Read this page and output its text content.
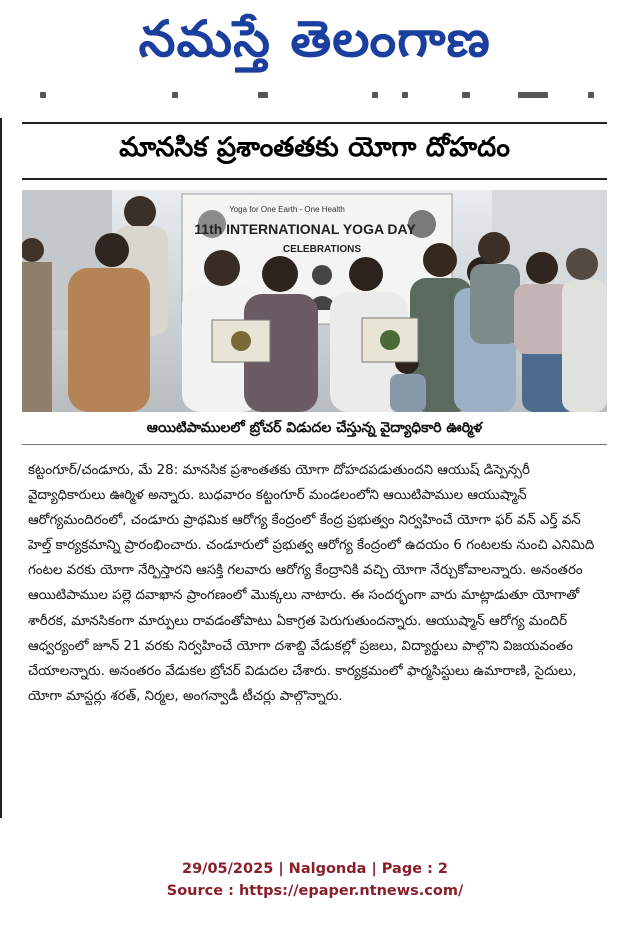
నమస్తే తెలంగాణ
మానసిక ప్రశాంతతకు యోగా దోహదం
Yoga for One Earth - One Health
11th INTERNATIONAL YOGA DAY
CELEBRATIONS
ఆయిటిపాములలో బ్రోచర్ విడుదల చేస్తున్న వైద్యాధికారి ఊర్మిళ

కట్టంగూర్/చండూరు, మే 28: మానసిక ప్రశాంతతకు యోగా దోహదపడుతుందని ఆయుష్ డిస్పెన్సరీ వైద్యాధికారులు ఊర్మిళ అన్నారు. బుధవారం కట్టంగూర్ మండలంలోని ఆయిటిపాముల ఆయుష్మాన్ ఆరోగ్యమందిరంలో, చండూరు ప్రాథమిక ఆరోగ్య కేంద్రంలో కేంద్ర ప్రభుత్వం నిర్వహించే యోగా ఫర్ వన్ ఎర్త్ వన్ హెల్త్ కార్యక్రమాన్ని ప్రారంభించారు. చండూరులో ప్రభుత్వ ఆరోగ్య కేంద్రంలో ఉదయం 6 గంటలకు నుంచి ఎనిమిది గంటల వరకు యోగా నేర్పిస్తారని ఆసక్తి గలవారు ఆరోగ్య కేంద్రానికి వచ్చి యోగా నేర్చుకోవాలన్నారు. అనంతరం ఆయిటిపాముల పల్లె దవాఖాన ప్రాంగణంలో మొక్కలు నాటారు. ఈ సందర్భంగా వారు మాట్లాడుతూ యోగాతో శారీరక, మానసికంగా మార్పులు రావడంతోపాటు ఏకాగ్రత పెరుగుతుందన్నారు. ఆయుష్మాన్ ఆరోగ్య మందిర్ ఆధ్వర్యంలో జూన్ 21 వరకు నిర్వహించే యోగా దశాబ్ది వేడుకల్లో ప్రజలు, విద్యార్థులు పాల్గొని విజయవంతం చేయాలన్నారు. అనంతరం వేడుకల బ్రోచర్ విడుదల చేశారు. కార్యక్రమంలో ఫార్మసిస్టులు ఉమారాణి, సైదులు, యోగా మాస్టర్లు శరత్, నిర్మల, అంగన్వాడీ టీచర్లు పాల్గొన్నారు.

29/05/2025 | Nalgonda | Page : 2
Source : https://epaper.ntnews.com/
